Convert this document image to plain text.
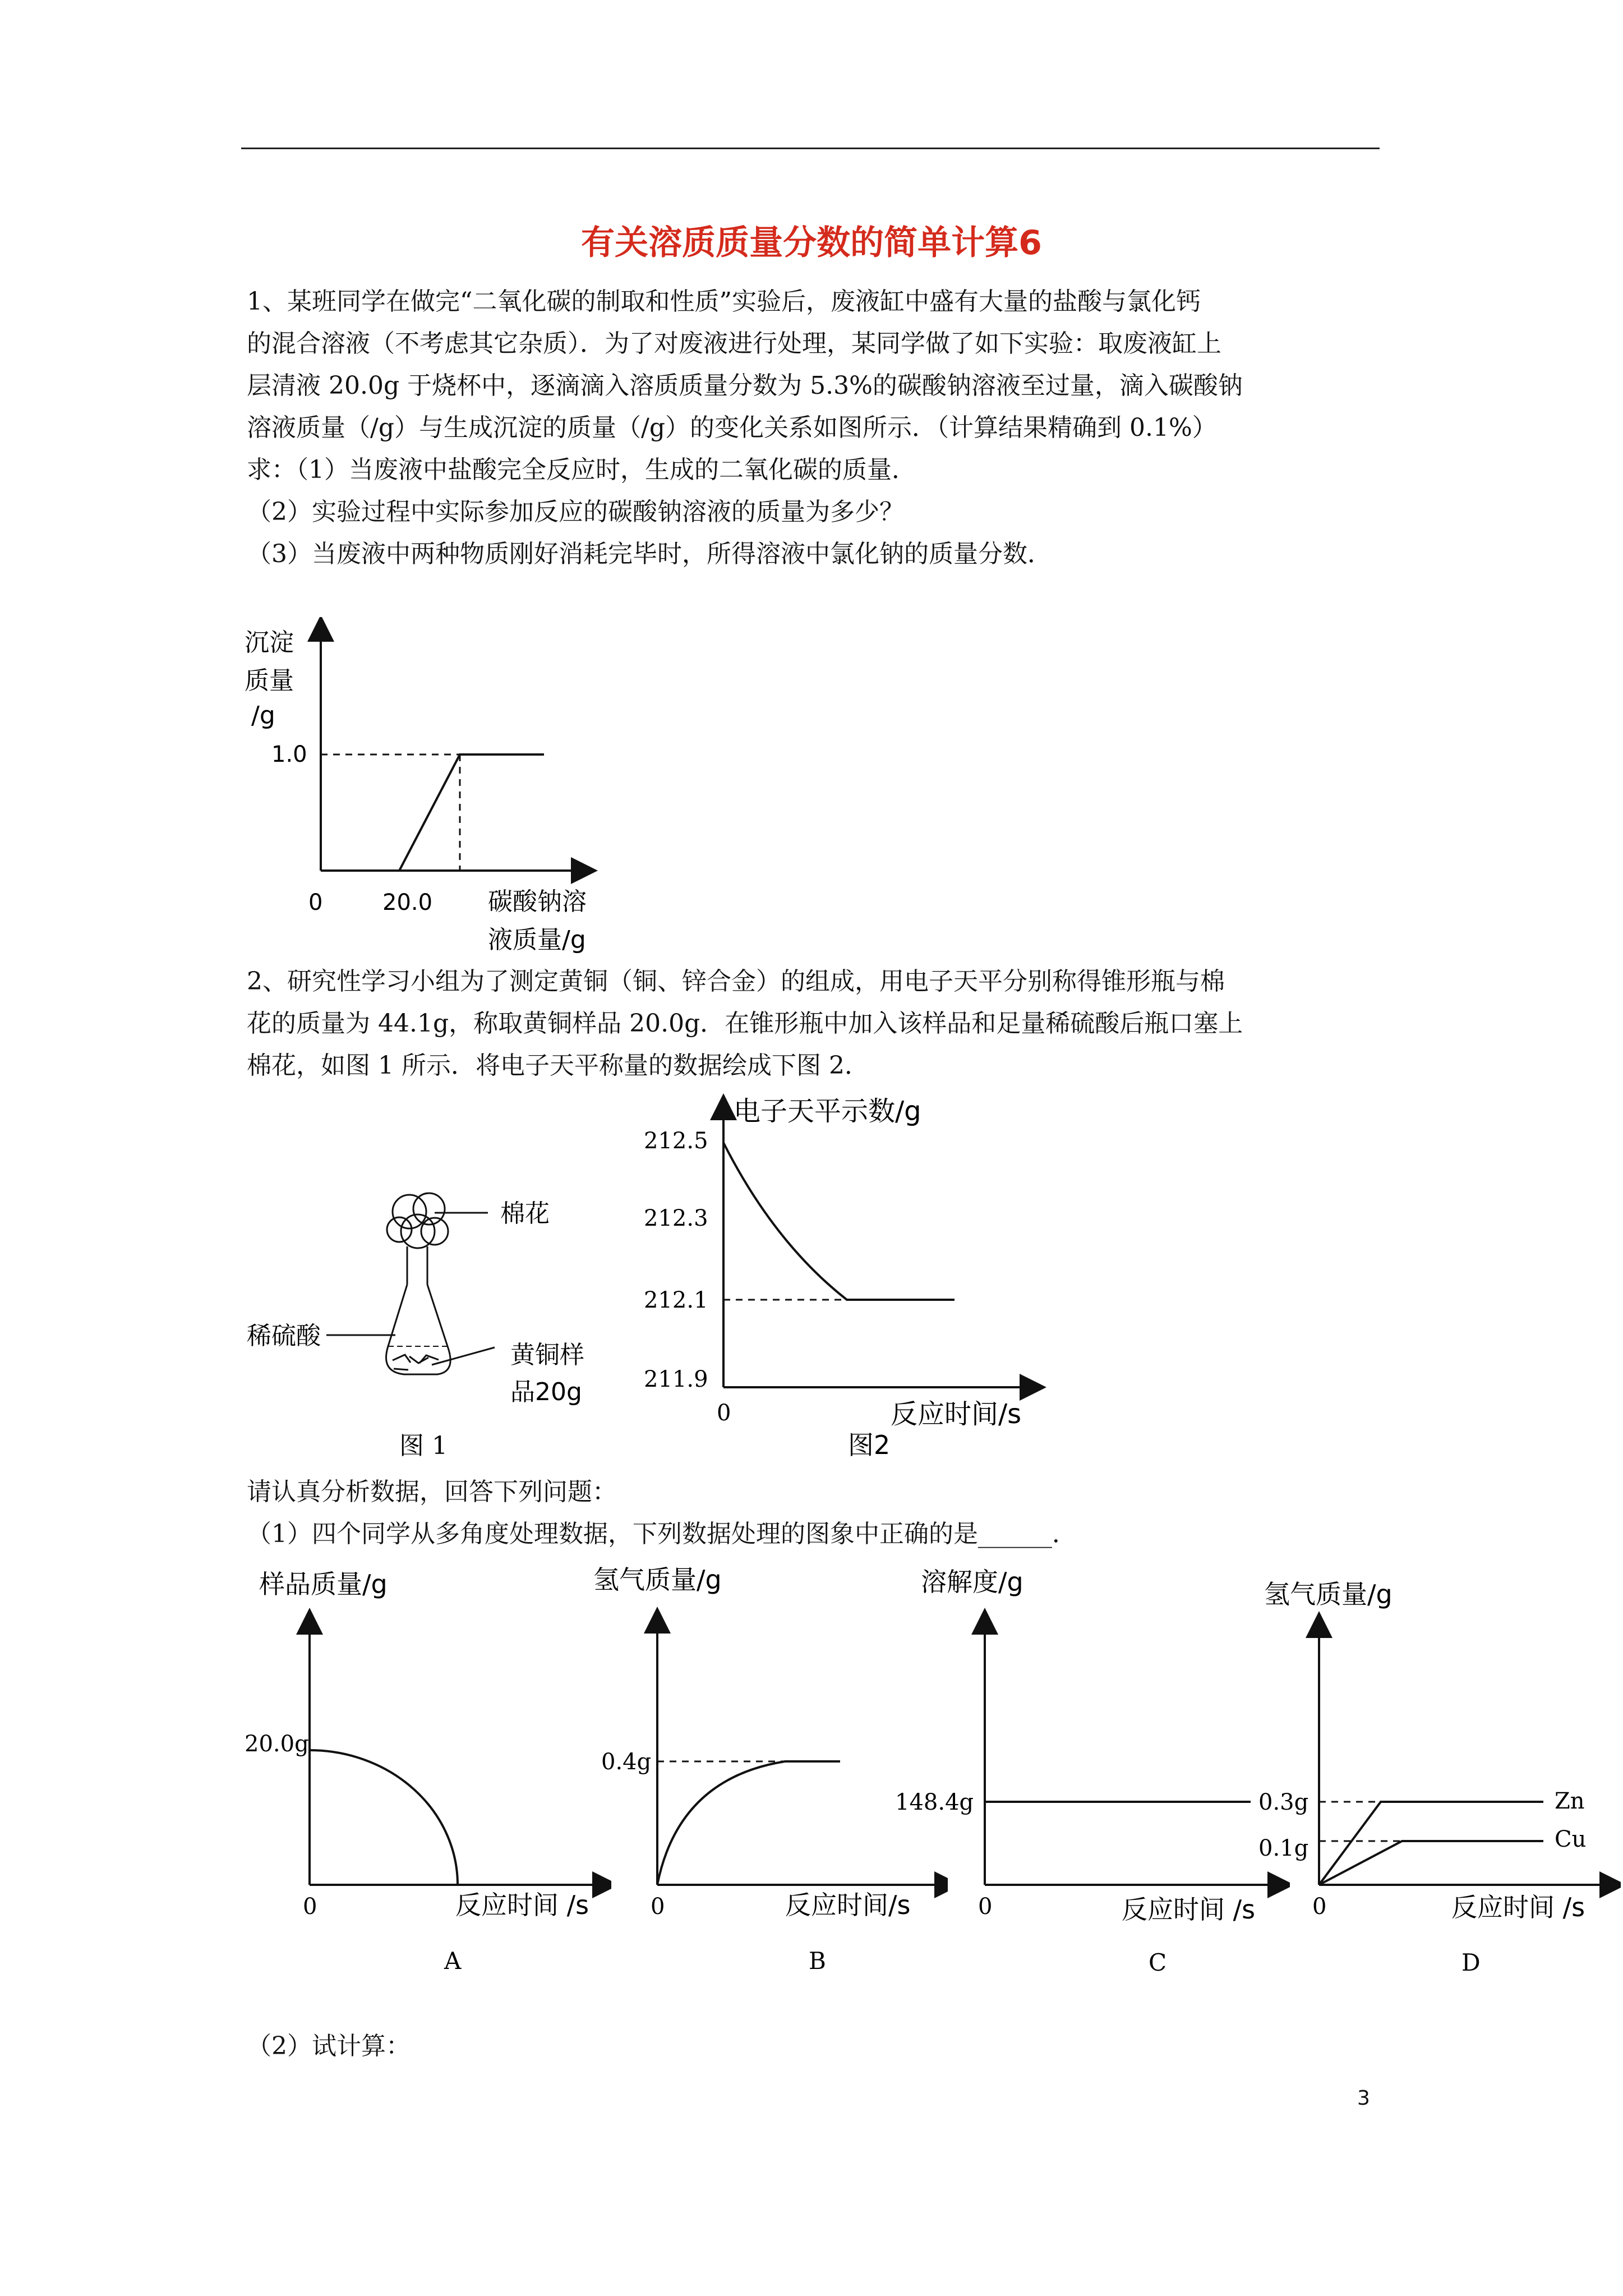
有关溶质质量分数的简单计算6

1、某班同学在做完“二氧化碳的制取和性质”实验后，废液缸中盛有大量的盐酸与氯化钙
的混合溶液（不考虑其它杂质）．为了对废液进行处理，某同学做了如下实验：取废液缸上
层清液 20.0g 于烧杯中，逐滴滴入溶质质量分数为 5.3%的碳酸钠溶液至过量，滴入碳酸钠
溶液质量（/g）与生成沉淀的质量（/g）的变化关系如图所示．（计算结果精确到 0.1%）
求：（1）当废液中盐酸完全反应时，生成的二氧化碳的质量．

（2）实验过程中实际参加反应的碳酸钠溶液的质量为多少？

（3）当废液中两种物质刚好消耗完毕时，所得溶液中氯化钠的质量分数．

沉淀
质量
/g
1.0
0	20.0 碳酸钠溶
液质量/g

2、研究性学习小组为了测定黄铜（铜、锌合金）的组成，用电子天平分别称得锥形瓶与棉
花的质量为 44.1g，称取黄铜样品 20.0g．在锥形瓶中加入该样品和足量稀硫酸后瓶口塞上
棉花，如图 1 所示．将电子天平称量的数据绘成下图 2．

棉花
稀硫酸
黄铜样
品20g
图 1
电子天平示数/g
212.5
212.3
212.1
211.9
0	反应时间/s
图2

请认真分析数据，回答下列问题：

（1）四个同学从多角度处理数据，下列数据处理的图象中正确的是______．

样品质量/g
20.0g
0	反应时间 /s
A
氢气质量/g
0.4g
0	反应时间/s
B
溶解度/g
148.4g
0	反应时间 /s
C
氢气质量/g
0.3g
0.1g
Zn
Cu
0	反应时间 /s
D

（2）试计算：

3
